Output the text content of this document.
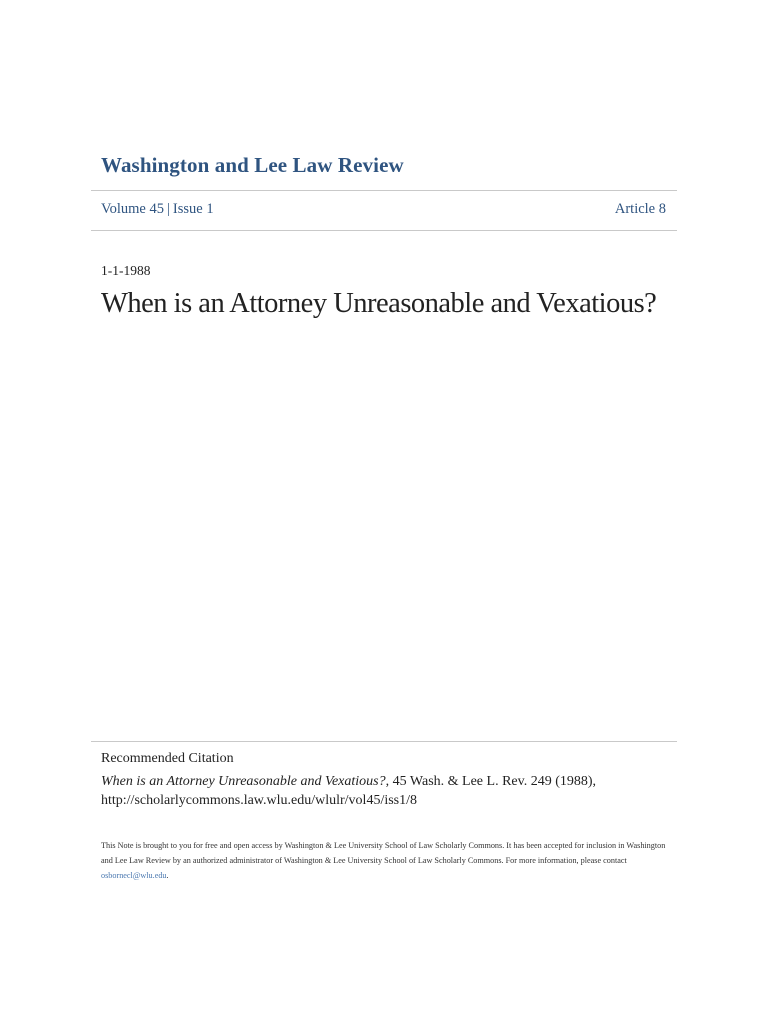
Washington and Lee Law Review
Volume 45 | Issue 1	Article 8
1-1-1988
When is an Attorney Unreasonable and Vexatious?
Recommended Citation
When is an Attorney Unreasonable and Vexatious?, 45 Wash. & Lee L. Rev. 249 (1988),
http://scholarlycommons.law.wlu.edu/wlulr/vol45/iss1/8
This Note is brought to you for free and open access by Washington & Lee University School of Law Scholarly Commons. It has been accepted for inclusion in Washington and Lee Law Review by an authorized administrator of Washington & Lee University School of Law Scholarly Commons. For more information, please contact osbornecl@wlu.edu.
